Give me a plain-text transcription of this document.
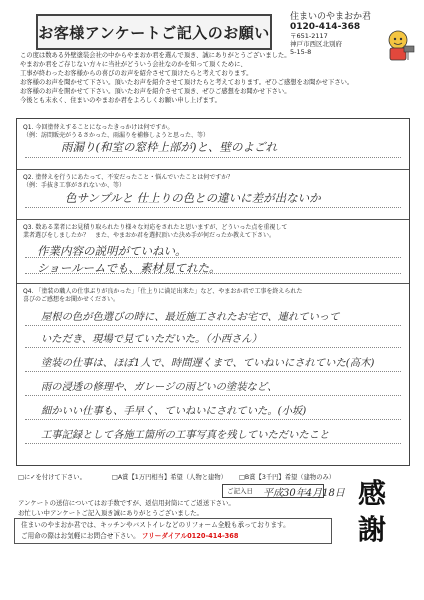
お客様アンケートご記入のお願い
住まいのやまおか君
0120-414-368
〒651-2117
神戸市西区北別府
5-15-8
この度は数ある外壁塗装会社の中からやまおか君を選んで頂き、誠にありがとうございました。
やまおか君をご存じない方々に当社がどういう会社なのかを知って頂くために、
工事が終わったお客様からの喜びのお声を紹介させて頂けたらと考えております。
お客様のお声を聞かせて下さい。頂いたお声を紹介させて頂けたらと考えております。ぜひご感想をお聞かせ下さい。
お客様のお声を開かせて下さい。頂いたお声を紹介させて頂き、ぜひご感想をお聞かせ下さい。
今後とも末永く、住まいのやまおか君をよろしくお願い申し上げます。
Q1. 今回塗替えすることになったきっかけは何ですか。
（例：訪問販売がうるさかった、雨漏りを補修しようと思った、等）
雨漏り(和室の窓枠上部が)と、壁のよごれ
Q2. 塗替えを行うにあたって、不安だったこと・悩んでいたことは何ですか？
（例：手抜き工事がされないか、等）
色サンプルと 仕上りの色との違いに差が出ないか
Q3. 数ある業者にお見積り取られたり様々な対応をされたと思いますが、どういった点を重視して
業者選びをしましたか？　また、やまおか君を選択頂いた決め手が何だったか教えて下さい。
作業内容の説明がていねい。
ショールームでも、素材見てれた。
Q4. 「塗装の職人の仕事ぶりが良かった」「仕上りに満足出来た」など、やまおか君で工事を終えられた
喜びのご感想をお聞かせください。
屋根の色が色選びの時に、最近施工されたお宅で、連れていって
いただき、現場で見ていただいた。（小西さん）
塗装の仕事は、ほぼ1人で、時間遅くまで、ていねいにされていた(高木)
雨の浸透の修理や、ガレージの雨どいの塗装など、
細かいい仕事も、手早く、ていねいにされていた。(小坂)
工事記録として各施工箇所の工事写真を残していただいたこと
□に✓を付けて下さい。	□A賞【1万円相当】希望（人物と建物） □B賞【3千円】希望（建物のみ）
アンケートの送信についてはお手数ですが、返信用封筒にてご返送下さい。
お忙しい中アンケートご記入頂き誠にありがとうございました。
ご記入日 平成30年4月18日 感謝
住まいのやまおか君では、キッチンやバストイレなどのリフォーム全般も承っております。
ご用命の際はお気軽にお問合せ下さい。 フリーダイアル0120-414-368
